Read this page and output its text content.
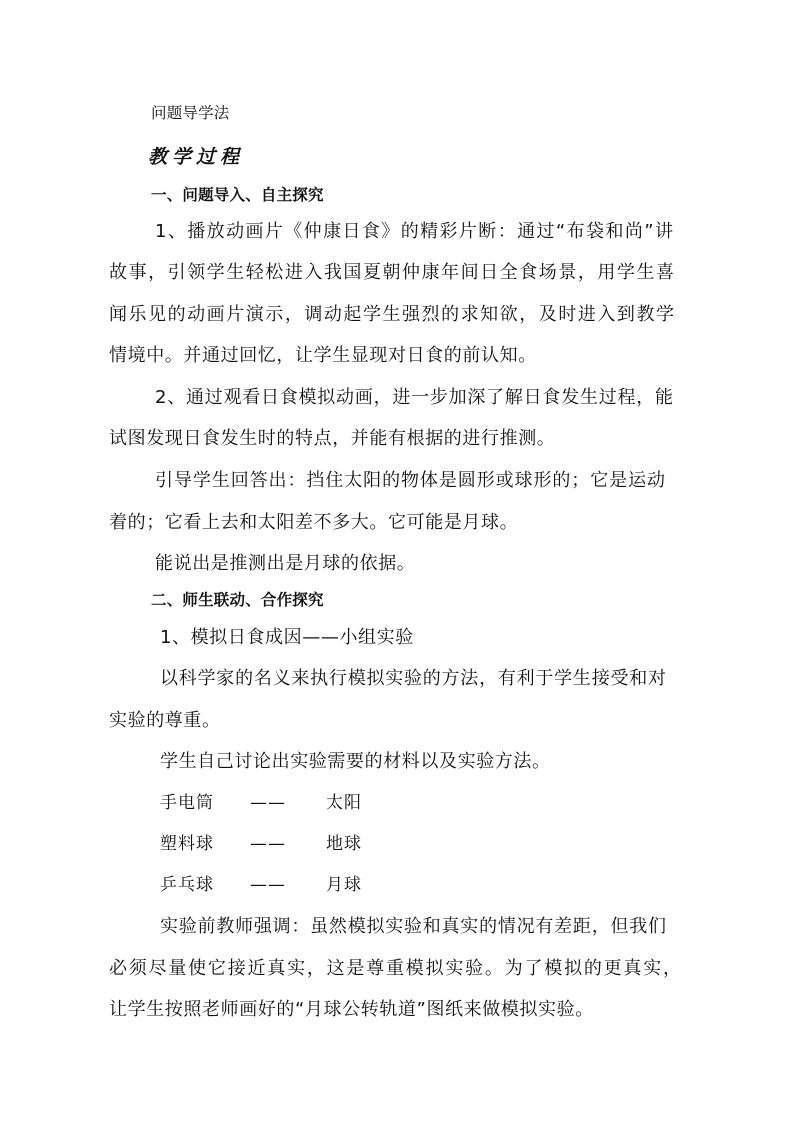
问题导学法
教学过程
一、问题导入、自主探究
1、播放动画片《仲康日食》的精彩片断：通过“布袋和尚”讲
故事，引领学生轻松进入我国夏朝仲康年间日全食场景，用学生喜
闻乐见的动画片演示，调动起学生强烈的求知欲，及时进入到教学
情境中。并通过回忆，让学生显现对日食的前认知。
2、通过观看日食模拟动画，进一步加深了解日食发生过程，能
试图发现日食发生时的特点，并能有根据的进行推测。
引导学生回答出：挡住太阳的物体是圆形或球形的；它是运动
着的；它看上去和太阳差不多大。它可能是月球。
能说出是推测出是月球的依据。
二、师生联动、合作探究
1、模拟日食成因——小组实验
以科学家的名义来执行模拟实验的方法，有利于学生接受和对
实验的尊重。
学生自己讨论出实验需要的材料以及实验方法。
手电筒 —— 太阳
塑料球 —— 地球
乒乓球 —— 月球
实验前教师强调：虽然模拟实验和真实的情况有差距，但我们
必须尽量使它接近真实，这是尊重模拟实验。为了模拟的更真实，
让学生按照老师画好的“月球公转轨道”图纸来做模拟实验。
